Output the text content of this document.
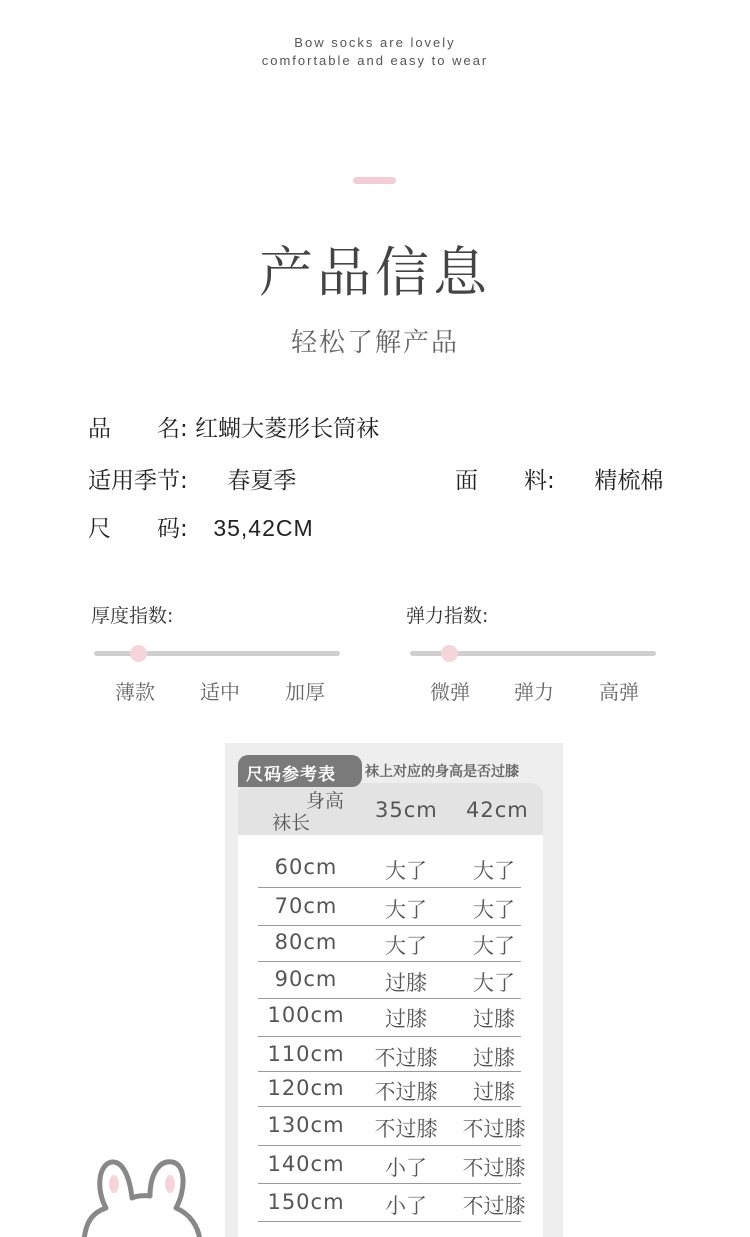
Bow socks are lovely
comfortable and easy to wear
产品信息
轻松了解产品
品　　名: 红蝴大菱形长筒袜
适用季节: 春夏季	面　　料: 精梳棉
尺　　码: 35,42CM
厚度指数:
薄款 适中 加厚
弹力指数:
微弹 弹力 高弹
尺码参考表 袜上对应的身高是否过膝
身高
袜长
35cm 42cm
60cm	大了	大了
70cm	大了	大了
80cm	大了	大了
90cm	过膝	大了
100cm	过膝	过膝
110cm	不过膝	过膝
120cm	不过膝	过膝
130cm	不过膝	不过膝
140cm	小了	不过膝
150cm	小了	不过膝
